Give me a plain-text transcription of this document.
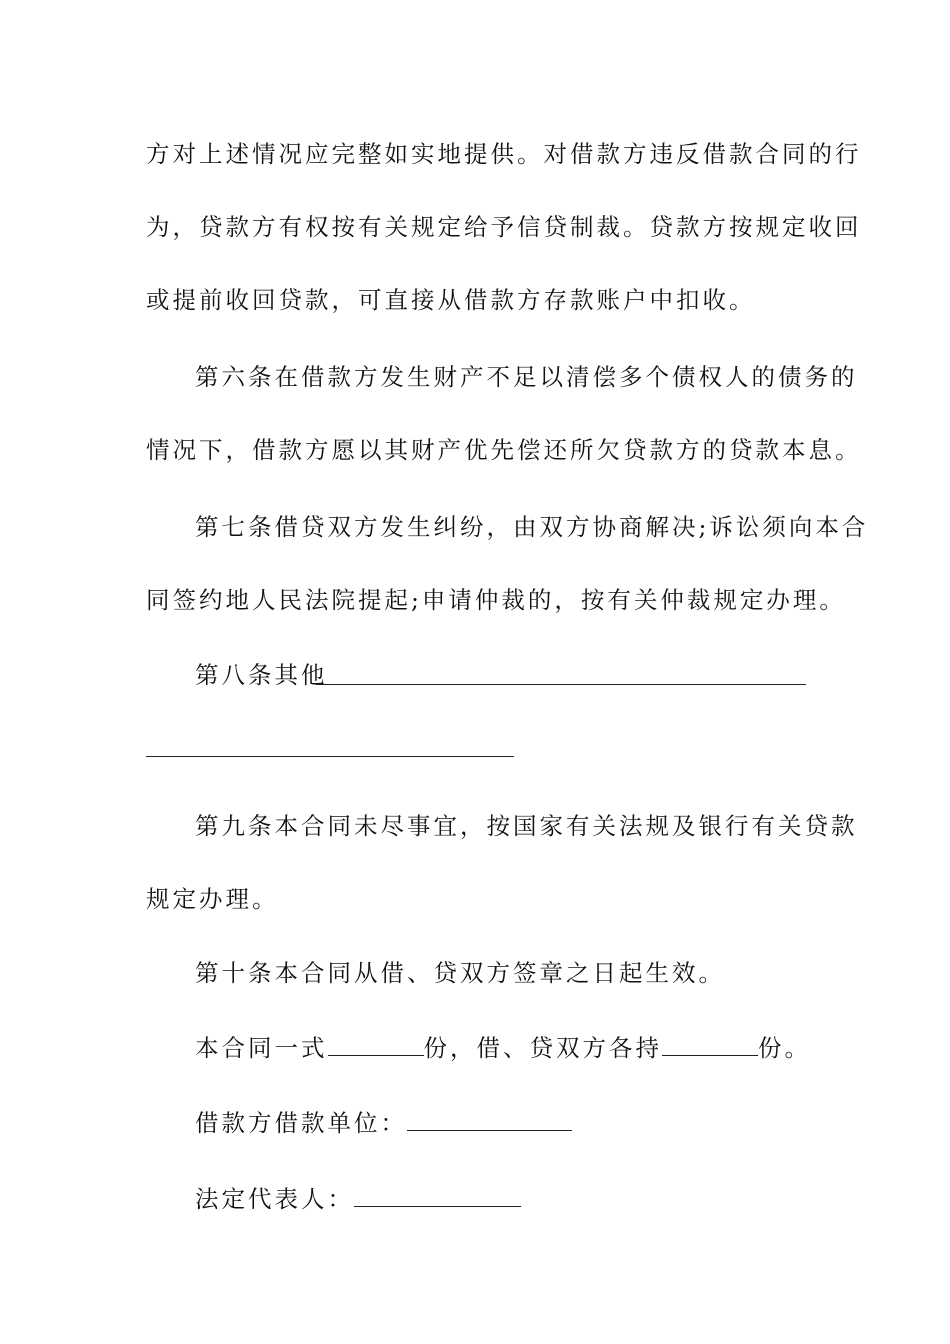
方对上述情况应完整如实地提供。对借款方违反借款合同的行
为，贷款方有权按有关规定给予信贷制裁。贷款方按规定收回
或提前收回贷款，可直接从借款方存款账户中扣收。
第六条在借款方发生财产不足以清偿多个债权人的债务的
情况下，借款方愿以其财产优先偿还所欠贷款方的贷款本息。
第七条借贷双方发生纠纷，由双方协商解决;诉讼须向本合
同签约地人民法院提起;申请仲裁的，按有关仲裁规定办理。
第八条其他
第九条本合同未尽事宜，按国家有关法规及银行有关贷款
规定办理。
第十条本合同从借、贷双方签章之日起生效。
本合同一式	份，借、贷双方各持	份。
借款方借款单位：
法定代表人：
